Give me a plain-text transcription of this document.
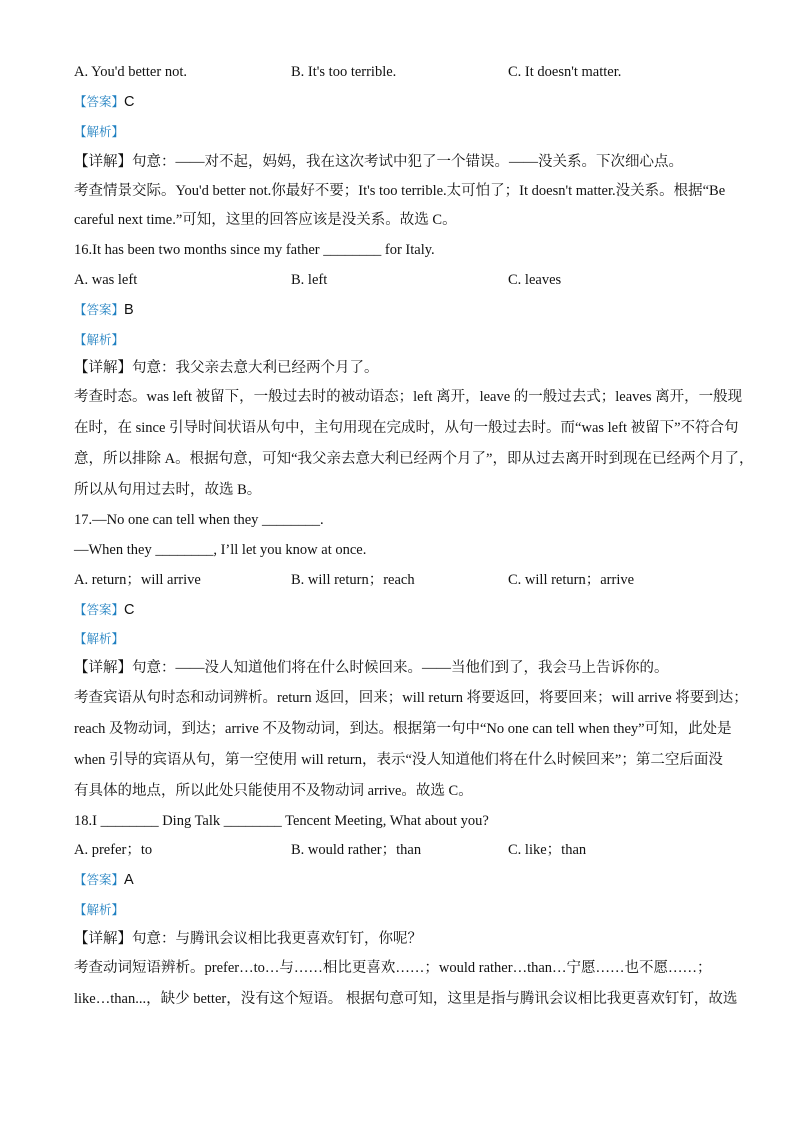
A. You'd better not.	B. It's too terrible.	C. It doesn't matter.
【答案】C
【解析】
【详解】句意：——对不起，妈妈，我在这次考试中犯了一个错误。——没关系。下次细心点。
考查情景交际。You'd better not.你最好不要；It's too terrible.太可怕了；It doesn't matter.没关系。根据“Be
careful next time.”可知，这里的回答应该是没关系。故选 C。
16.It has been two months since my father ________ for Italy.
A. was left	B. left	C. leaves
【答案】B
【解析】
【详解】句意：我父亲去意大利已经两个月了。
考查时态。was left 被留下，一般过去时的被动语态；left 离开，leave 的一般过去式；leaves 离开，一般现
在时，在 since 引导时间状语从句中，主句用现在完成时，从句一般过去时。而“was left 被留下”不符合句
意，所以排除 A。根据句意，可知“我父亲去意大利已经两个月了”，即从过去离开时到现在已经两个月了，
所以从句用过去时，故选 B。
17.—No one can tell when they ________.
—When they ________, I’ll let you know at once.
A. return；will arrive	B. will return；reach	C. will return；arrive
【答案】C
【解析】
【详解】句意：——没人知道他们将在什么时候回来。——当他们到了，我会马上告诉你的。
考查宾语从句时态和动词辨析。return 返回，回来；will return 将要返回，将要回来；will arrive 将要到达；
reach 及物动词，到达；arrive 不及物动词，到达。根据第一句中“No one can tell when they”可知，此处是
when 引导的宾语从句，第一空使用 will return，表示“没人知道他们将在什么时候回来”；第二空后面没
有具体的地点，所以此处只能使用不及物动词 arrive。故选 C。
18.I ________ Ding Talk ________ Tencent Meeting, What about you?
A. prefer；to	B. would rather；than	C. like；than
【答案】A
【解析】
【详解】句意：与腾讯会议相比我更喜欢钉钉，你呢？
考查动词短语辨析。prefer…to…与……相比更喜欢……；would rather…than…宁愿……也不愿……；
like…than...，缺少 better，没有这个短语。 根据句意可知，这里是指与腾讯会议相比我更喜欢钉钉，故选
